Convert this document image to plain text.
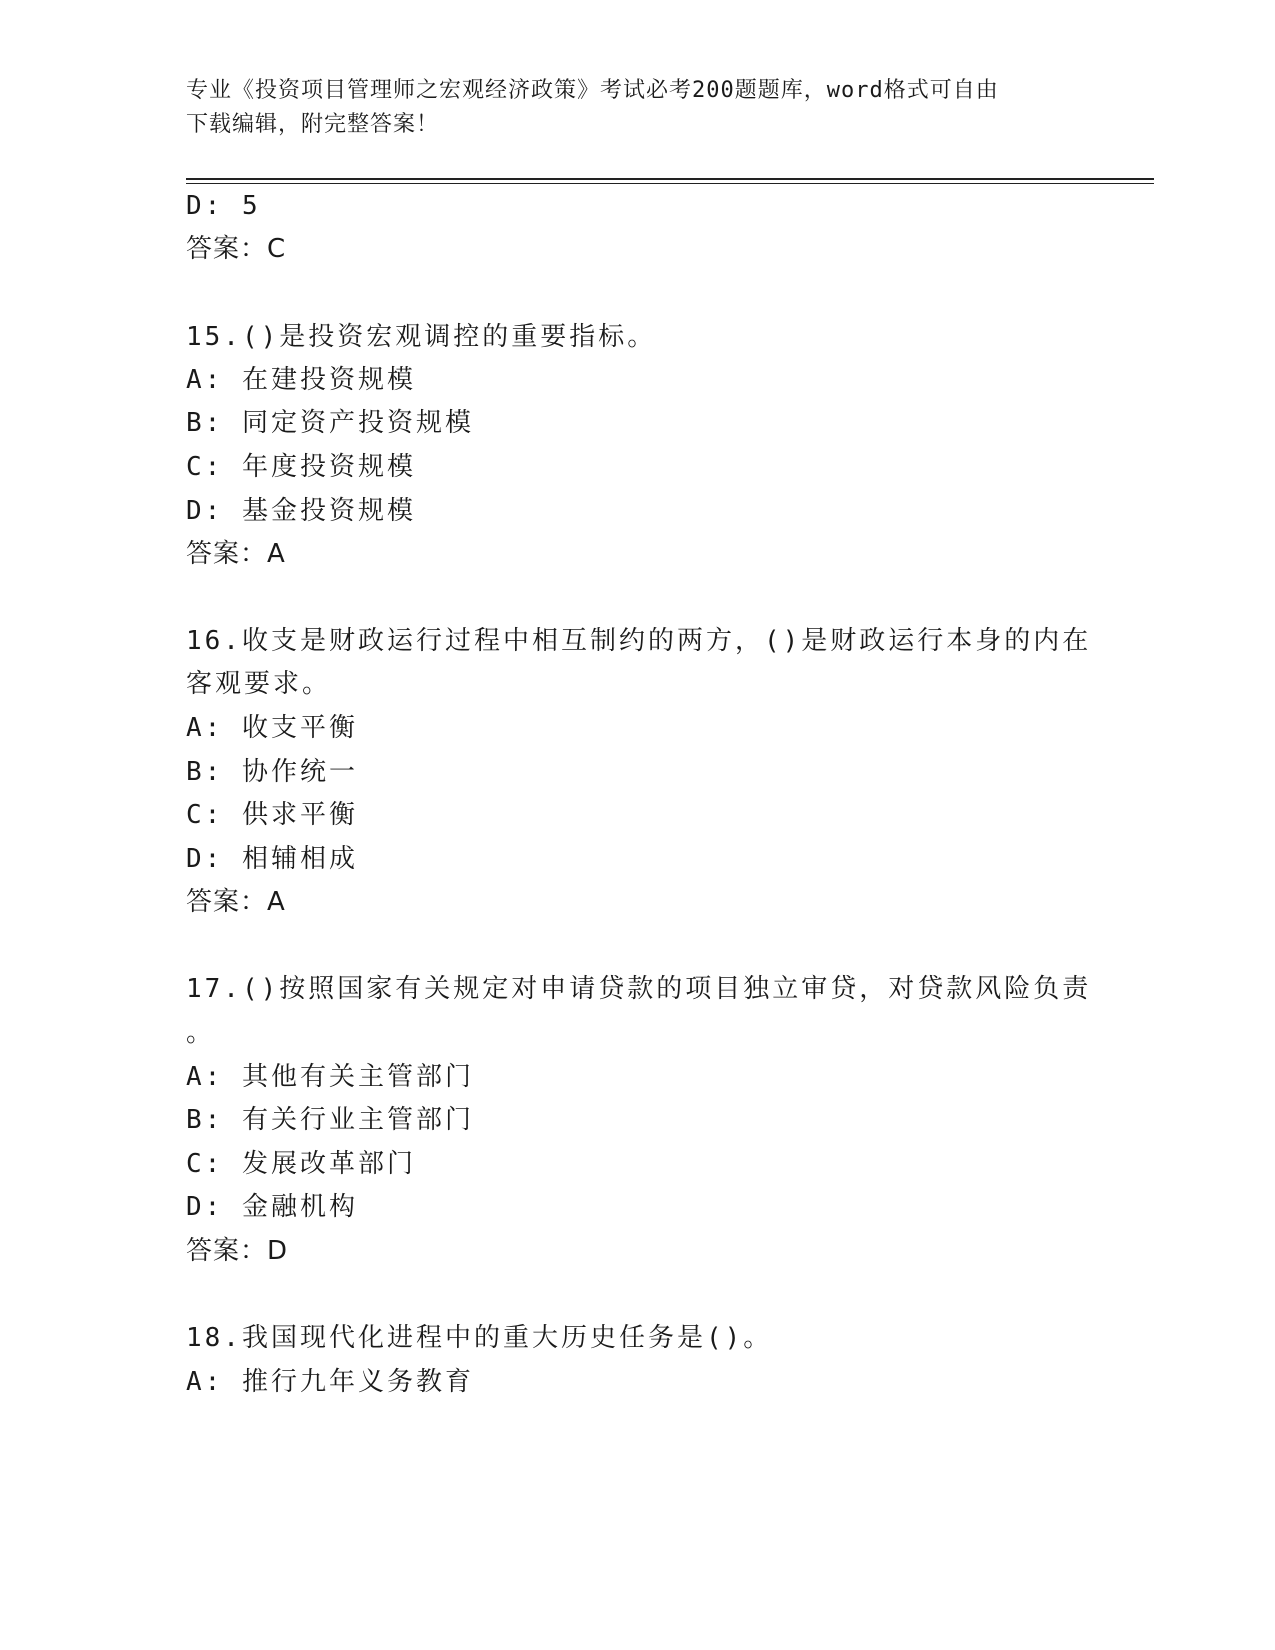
专业《投资项目管理师之宏观经济政策》考试必考200题题库，word格式可自由
下载编辑，附完整答案！
D: 5
答案：C
15.()是投资宏观调控的重要指标。
A: 在建投资规模
B: 同定资产投资规模
C: 年度投资规模
D: 基金投资规模
答案：A
16.收支是财政运行过程中相互制约的两方，()是财政运行本身的内在
客观要求。
A: 收支平衡
B: 协作统一
C: 供求平衡
D: 相辅相成
答案：A
17.()按照国家有关规定对申请贷款的项目独立审贷，对贷款风险负责
。
A: 其他有关主管部门
B: 有关行业主管部门
C: 发展改革部门
D: 金融机构
答案：D
18.我国现代化进程中的重大历史任务是()。
A: 推行九年义务教育
